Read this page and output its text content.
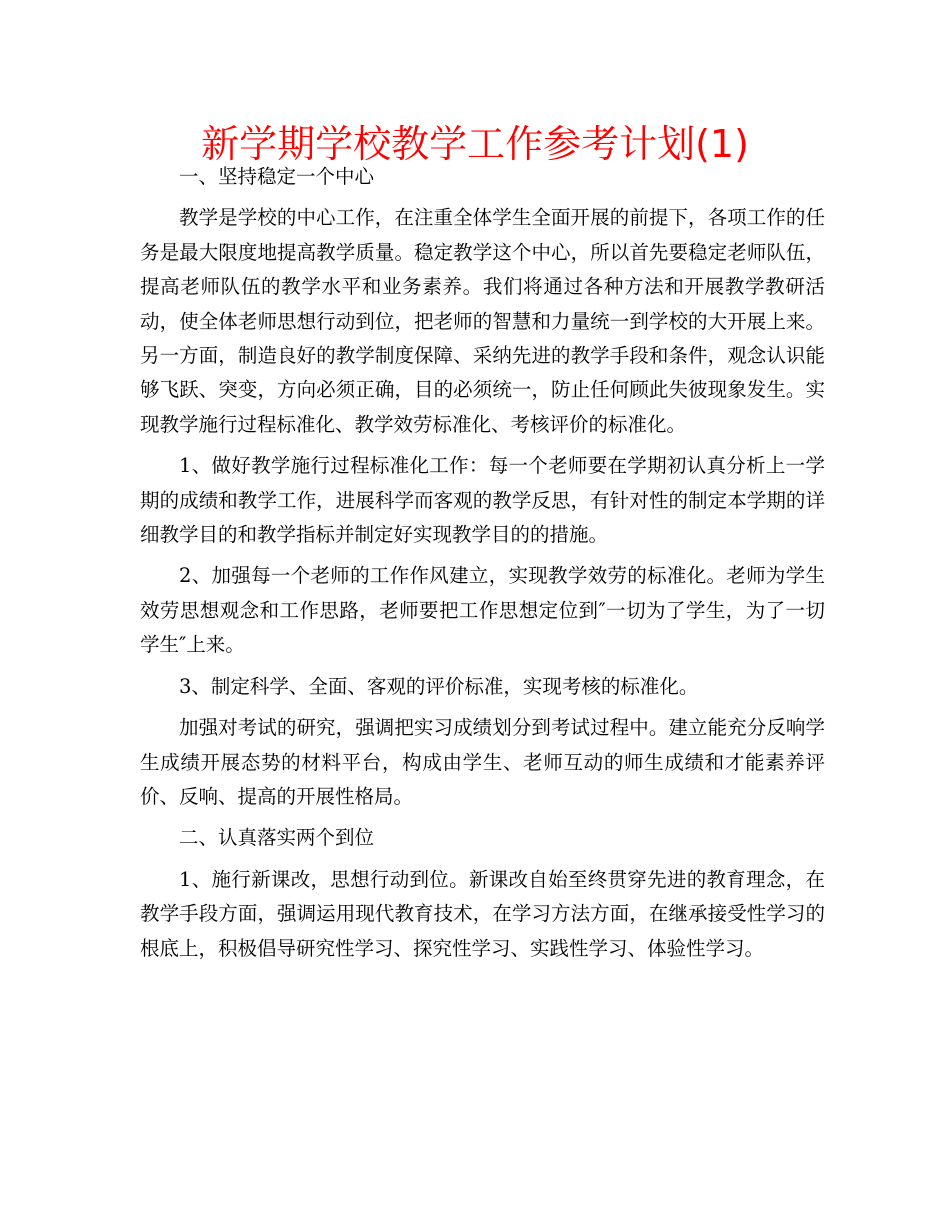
新学期学校教学工作参考计划(1)

一、坚持稳定一个中心

教学是学校的中心工作，在注重全体学生全面开展的前提下，各项工作的任务是最大限度地提高教学质量。稳定教学这个中心，所以首先要稳定老师队伍，提高老师队伍的教学水平和业务素养。我们将通过各种方法和开展教学教研活动，使全体老师思想行动到位，把老师的智慧和力量统一到学校的大开展上来。另一方面，制造良好的教学制度保障、采纳先进的教学手段和条件，观念认识能够飞跃、突变，方向必须正确，目的必须统一，防止任何顾此失彼现象发生。实现教学施行过程标准化、教学效劳标准化、考核评价的标准化。

1、做好教学施行过程标准化工作：每一个老师要在学期初认真分析上一学期的成绩和教学工作，进展科学而客观的教学反思，有针对性的制定本学期的详细教学目的和教学指标并制定好实现教学目的的措施。

2、加强每一个老师的工作作风建立，实现教学效劳的标准化。老师为学生效劳思想观念和工作思路，老师要把工作思想定位到″一切为了学生，为了一切学生″上来。

3、制定科学、全面、客观的评价标准，实现考核的标准化。

加强对考试的研究，强调把实习成绩划分到考试过程中。建立能充分反响学生成绩开展态势的材料平台，构成由学生、老师互动的师生成绩和才能素养评价、反响、提高的开展性格局。

二、认真落实两个到位

1、施行新课改，思想行动到位。新课改自始至终贯穿先进的教育理念，在教学手段方面，强调运用现代教育技术，在学习方法方面，在继承接受性学习的根底上，积极倡导研究性学习、探究性学习、实践性学习、体验性学习。
